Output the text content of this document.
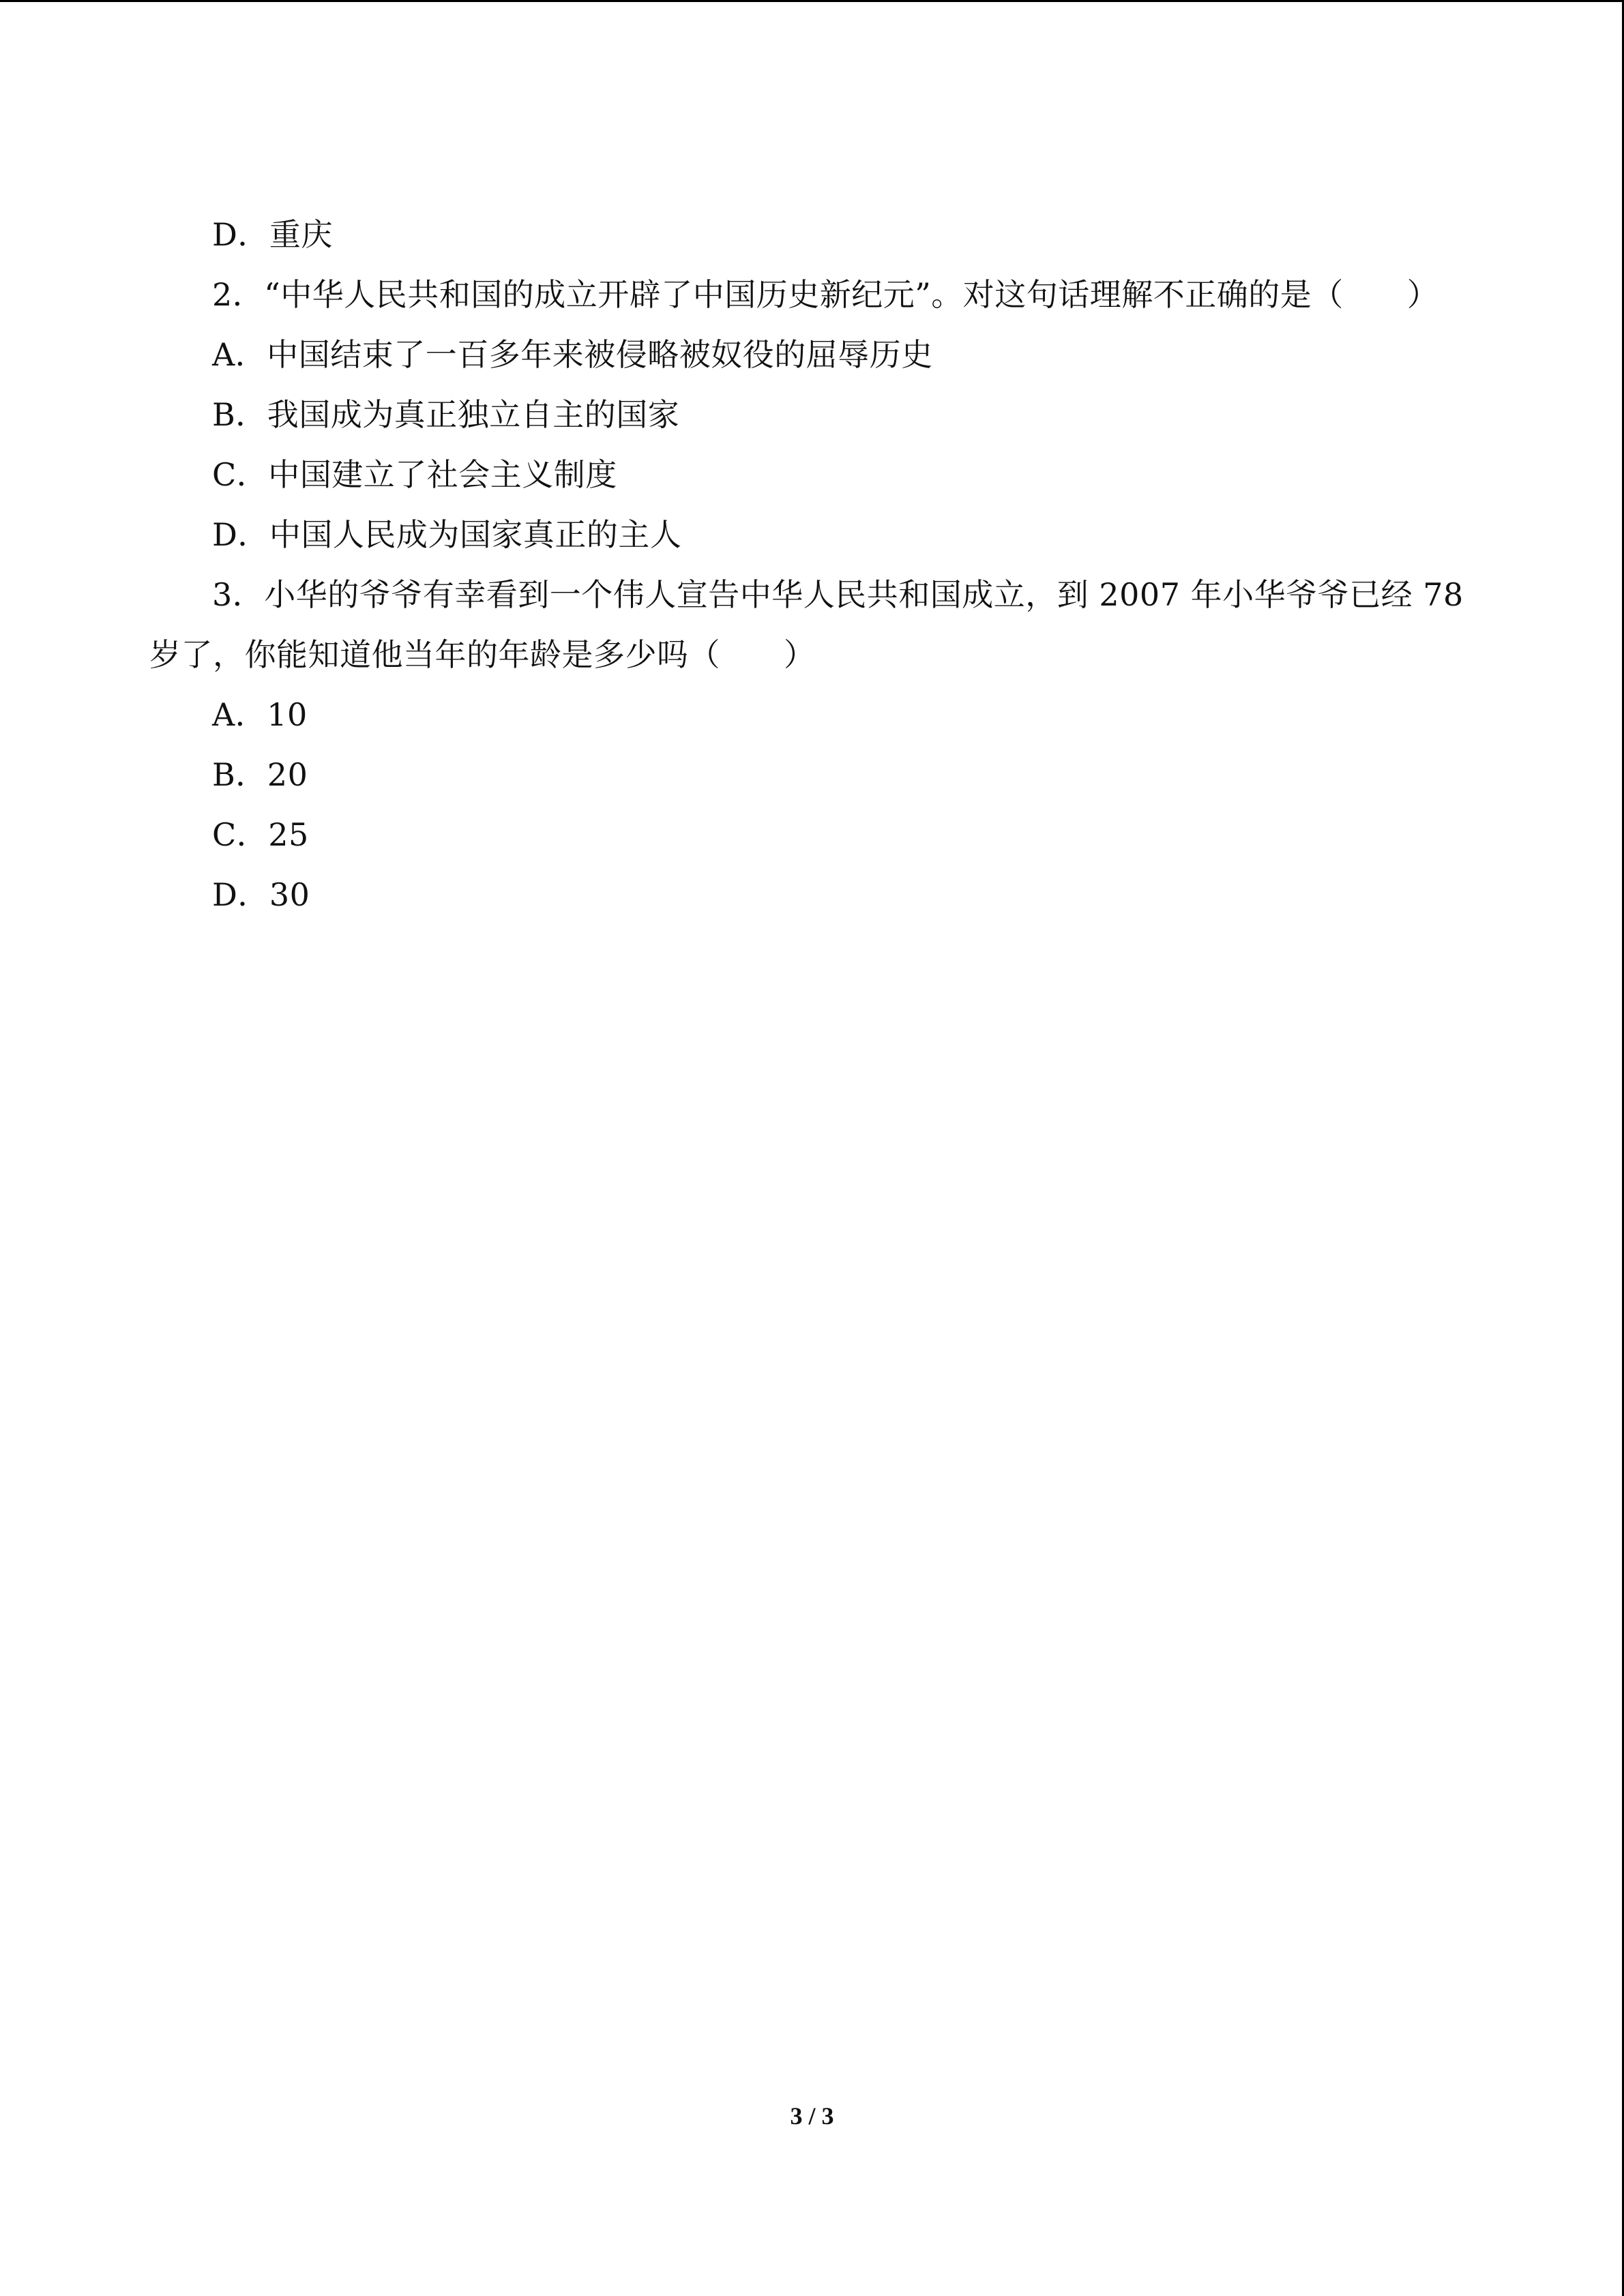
D．重庆
2．“中华人民共和国的成立开辟了中国历史新纪元”。对这句话理解不正确的是（　　）
A．中国结束了一百多年来被侵略被奴役的屈辱历史
B．我国成为真正独立自主的国家
C．中国建立了社会主义制度
D．中国人民成为国家真正的主人
3．小华的爷爷有幸看到一个伟人宣告中华人民共和国成立，到 2007 年小华爷爷已经 78
岁了，你能知道他当年的年龄是多少吗（　　）
A．10
B．20
C．25
D．30
3 / 3
